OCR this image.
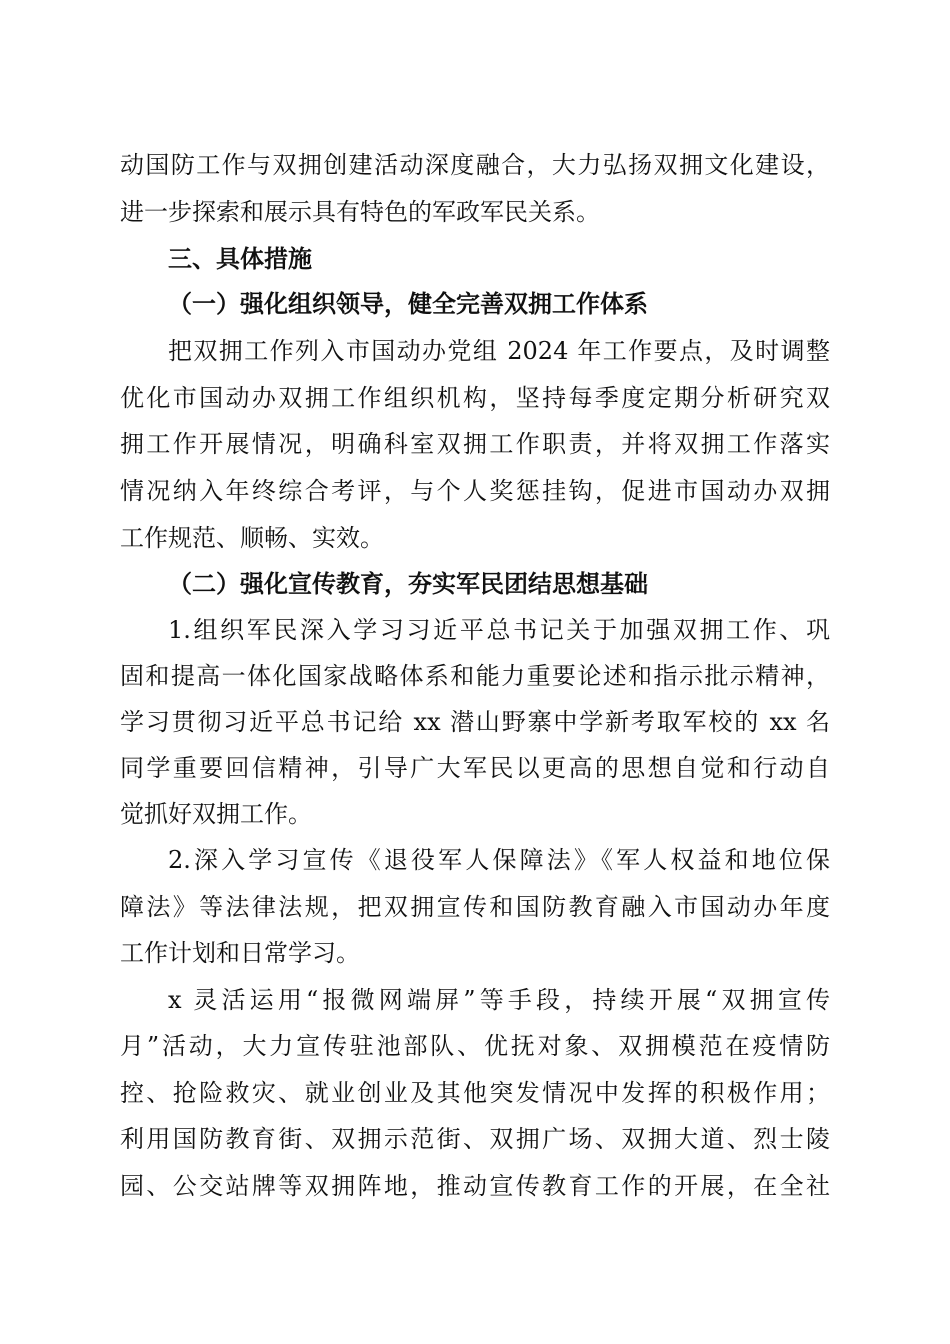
动国防工作与双拥创建活动深度融合，大力弘扬双拥文化建设，
进一步探索和展示具有特色的军政军民关系。
三、具体措施
（一）强化组织领导，健全完善双拥工作体系
把双拥工作列入市国动办党组 2024 年工作要点，及时调整
优化市国动办双拥工作组织机构，坚持每季度定期分析研究双
拥工作开展情况，明确科室双拥工作职责，并将双拥工作落实
情况纳入年终综合考评，与个人奖惩挂钩，促进市国动办双拥
工作规范、顺畅、实效。
（二）强化宣传教育，夯实军民团结思想基础
1.组织军民深入学习习近平总书记关于加强双拥工作、巩
固和提高一体化国家战略体系和能力重要论述和指示批示精神，
学习贯彻习近平总书记给 xx 潜山野寨中学新考取军校的 xx 名
同学重要回信精神，引导广大军民以更高的思想自觉和行动自
觉抓好双拥工作。
2.深入学习宣传《退役军人保障法》《军人权益和地位保
障法》等法律法规，把双拥宣传和国防教育融入市国动办年度
工作计划和日常学习。
x 灵活运用“报微网端屏”等手段，持续开展“双拥宣传
月”活动，大力宣传驻池部队、优抚对象、双拥模范在疫情防
控、抢险救灾、就业创业及其他突发情况中发挥的积极作用；
利用国防教育街、双拥示范街、双拥广场、双拥大道、烈士陵
园、公交站牌等双拥阵地，推动宣传教育工作的开展，在全社
